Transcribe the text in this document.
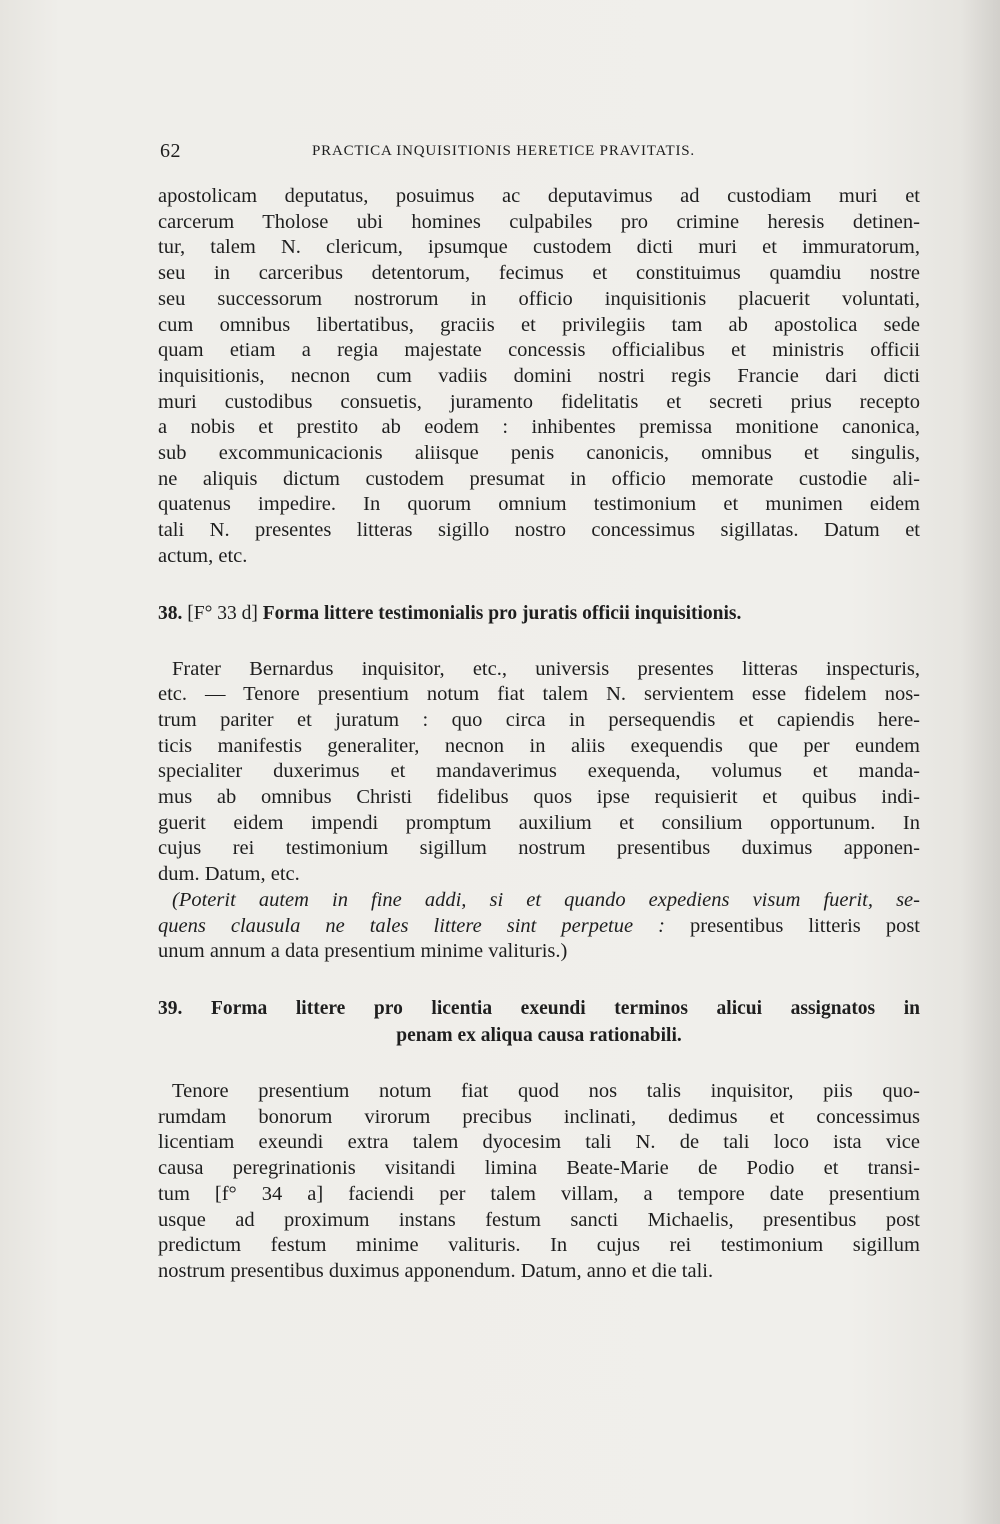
62	PRACTICA INQUISITIONIS HERETICE PRAVITATIS.
apostolicam deputatus, posuimus ac deputavimus ad custodiam muri et
carcerum Tholose ubi homines culpabiles pro crimine heresis detinen-
tur, talem N. clericum, ipsumque custodem dicti muri et immuratorum,
seu in carceribus detentorum, fecimus et constituimus quamdiu nostre
seu successorum nostrorum in officio inquisitionis placuerit voluntati,
cum omnibus libertatibus, graciis et privilegiis tam ab apostolica sede
quam etiam a regia majestate concessis officialibus et ministris officii
inquisitionis, necnon cum vadiis domini nostri regis Francie dari dicti
muri custodibus consuetis, juramento fidelitatis et secreti prius recepto
a nobis et prestito ab eodem : inhibentes premissa monitione canonica,
sub excommunicacionis aliisque penis canonicis, omnibus et singulis,
ne aliquis dictum custodem presumat in officio memorate custodie ali-
quatenus impedire. In quorum omnium testimonium et munimen eidem
tali N. presentes litteras sigillo nostro concessimus sigillatas. Datum et
actum, etc.
38. [F° 33 d] Forma littere testimonialis pro juratis officii inquisitionis.
Frater Bernardus inquisitor, etc., universis presentes litteras inspecturis,
etc. — Tenore presentium notum fiat talem N. servientem esse fidelem nos-
trum pariter et juratum : quo circa in persequendis et capiendis here-
ticis manifestis generaliter, necnon in aliis exequendis que per eundem
specialiter duxerimus et mandaverimus exequenda, volumus et manda-
mus ab omnibus Christi fidelibus quos ipse requisierit et quibus indi-
guerit eidem impendi promptum auxilium et consilium opportunum. In
cujus rei testimonium sigillum nostrum presentibus duximus apponen-
dum. Datum, etc.
(Poterit autem in fine addi, si et quando expediens visum fuerit, se-
quens clausula ne tales littere sint perpetue : presentibus litteris post
unum annum a data presentium minime valituris.)
39. Forma littere pro licentia exeundi terminos alicui assignatos in
penam ex aliqua causa rationabili.
Tenore presentium notum fiat quod nos talis inquisitor, piis quo-
rumdam bonorum virorum precibus inclinati, dedimus et concessimus
licentiam exeundi extra talem dyocesim tali N. de tali loco ista vice
causa peregrinationis visitandi limina Beate-Marie de Podio et transi-
tum [f° 34 a] faciendi per talem villam, a tempore date presentium
usque ad proximum instans festum sancti Michaelis, presentibus post
predictum festum minime valituris. In cujus rei testimonium sigillum
nostrum presentibus duximus apponendum. Datum, anno et die tali.
